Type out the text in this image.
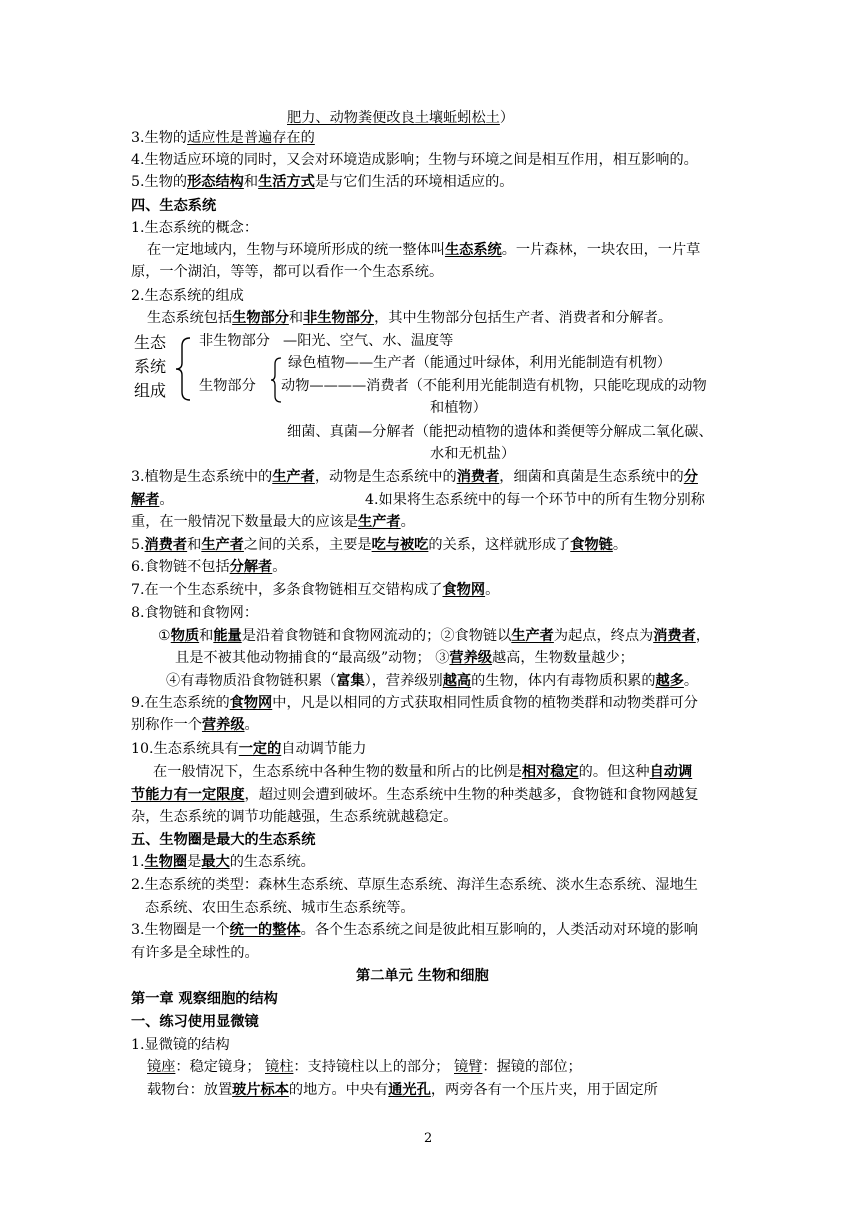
肥力、动物粪便改良土壤蚯蚓松土）
3.生物的适应性是普遍存在的
4.生物适应环境的同时，又会对环境造成影响；生物与环境之间是相互作用，相互影响的。
5.生物的形态结构和生活方式是与它们生活的环境相适应的。
四、生态系统
1.生态系统的概念：
在一定地域内，生物与环境所形成的统一整体叫生态系统。一片森林，一块农田，一片草
原，一个湖泊，等等，都可以看作一个生态系统。
2.生态系统的组成
生态系统包括生物部分和非生物部分，其中生物部分包括生产者、消费者和分解者。
生态
系统
组成
非生物部分 —阳光、空气、水、温度等
生物部分
绿色植物——生产者（能通过叶绿体，利用光能制造有机物）
动物————消费者（不能利用光能制造有机物，只能吃现成的动物
和植物）
细菌、真菌—分解者（能把动植物的遗体和粪便等分解成二氧化碳、
水和无机盐）
3.植物是生态系统中的生产者，动物是生态系统中的消费者，细菌和真菌是生态系统中的分
解者。	4.如果将生态系统中的每一个环节中的所有生物分别称
重，在一般情况下数量最大的应该是生产者。
5.消费者和生产者之间的关系，主要是吃与被吃的关系，这样就形成了食物链。
6.食物链不包括分解者。
7.在一个生态系统中，多条食物链相互交错构成了食物网。
8.食物链和食物网：
①物质和能量是沿着食物链和食物网流动的；②食物链以生产者为起点，终点为消费者，
且是不被其他动物捕食的“最高级”动物； ③营养级越高，生物数量越少；
④有毒物质沿食物链积累（富集），营养级别越高的生物，体内有毒物质积累的越多。
9.在生态系统的食物网中，凡是以相同的方式获取相同性质食物的植物类群和动物类群可分
别称作一个营养级。
10.生态系统具有一定的自动调节能力
在一般情况下，生态系统中各种生物的数量和所占的比例是相对稳定的。但这种自动调
节能力有一定限度，超过则会遭到破坏。生态系统中生物的种类越多，食物链和食物网越复
杂，生态系统的调节功能越强，生态系统就越稳定。
五、生物圈是最大的生态系统
1.生物圈是最大的生态系统。
2.生态系统的类型：森林生态系统、草原生态系统、海洋生态系统、淡水生态系统、湿地生
态系统、农田生态系统、城市生态系统等。
3.生物圈是一个统一的整体。各个生态系统之间是彼此相互影响的，人类活动对环境的影响
有许多是全球性的。
第二单元 生物和细胞
第一章 观察细胞的结构
一、练习使用显微镜
1.显微镜的结构
镜座：稳定镜身； 镜柱：支持镜柱以上的部分； 镜臂：握镜的部位；
载物台：放置玻片标本的地方。中央有通光孔，两旁各有一个压片夹，用于固定所
2
